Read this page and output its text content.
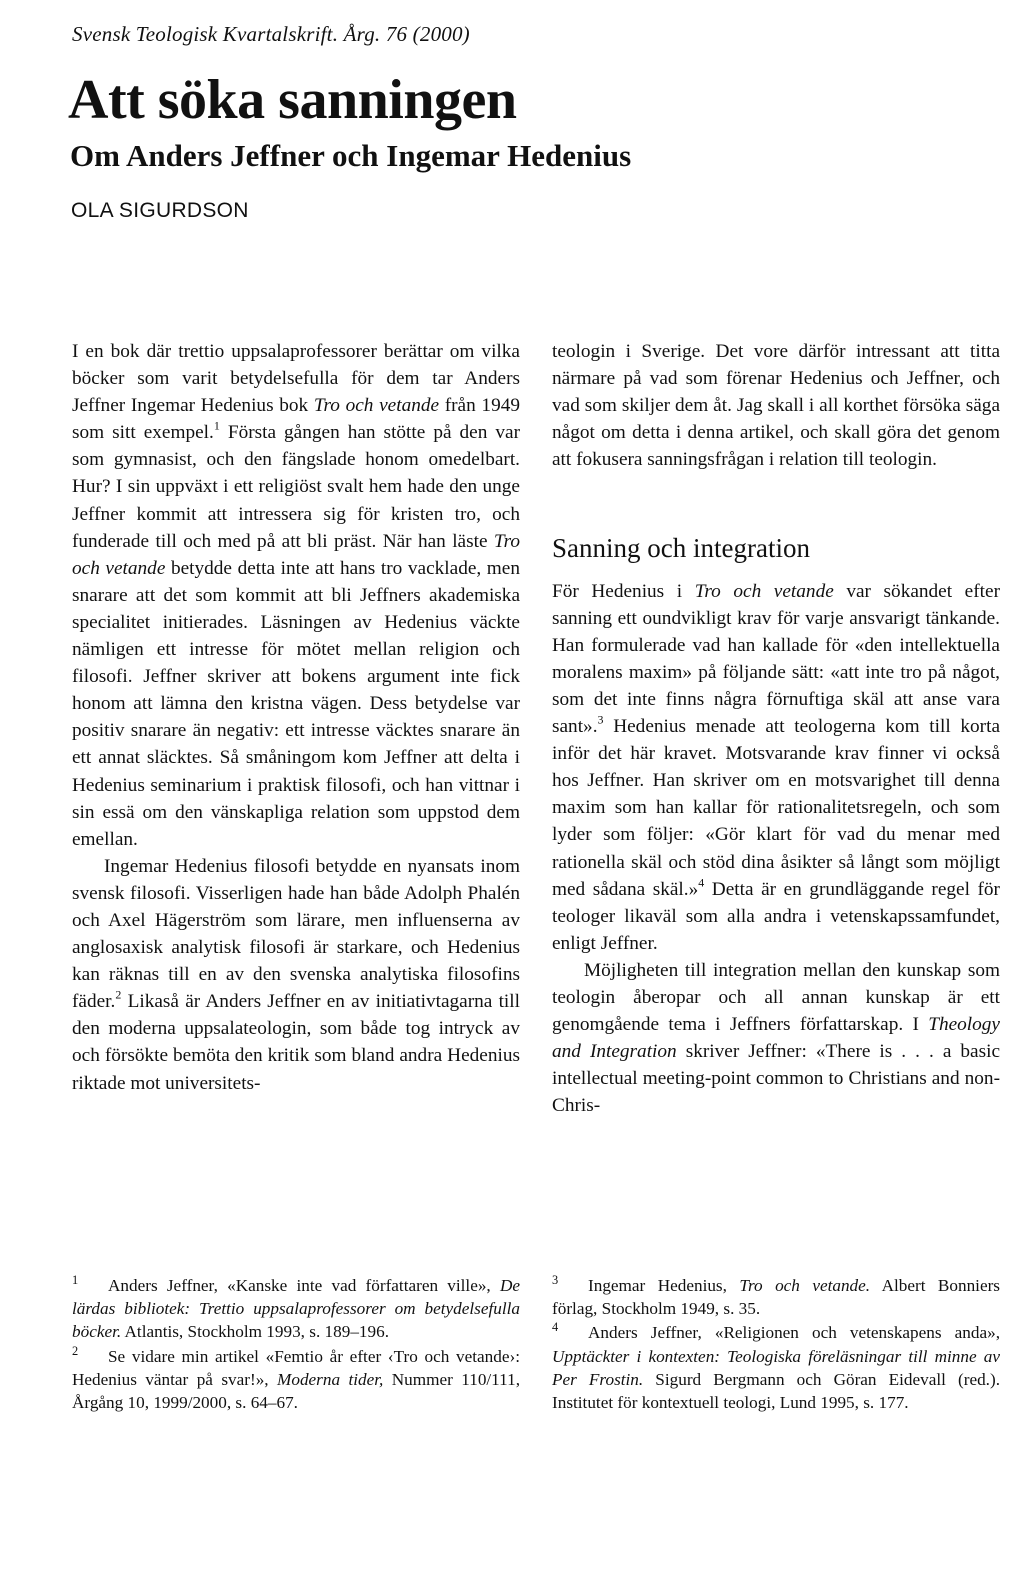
Svensk Teologisk Kvartalskrift. Årg. 76 (2000)
Att söka sanningen
Om Anders Jeffner och Ingemar Hedenius
OLA SIGURDSON

I en bok där trettio uppsalaprofessorer berättar om vilka böcker som varit betydelsefulla för dem tar Anders Jeffner Ingemar Hedenius bok Tro och vetande från 1949 som sitt exempel.$^1$ Första gången han stötte på den var som gymnasist, och den fängslade honom omedelbart. Hur? I sin uppväxt i ett religiöst svalt hem hade den unge Jeffner kommit att intressera sig för kristen tro, och funderade till och med på att bli präst. När han läste Tro och vetande betydde detta inte att hans tro vacklade, men snarare att det som kommit att bli Jeffners akademiska specialitet initierades. Läsningen av Hedenius väckte nämligen ett intresse för mötet mellan religion och filosofi. Jeffner skriver att bokens argument inte fick honom att lämna den kristna vägen. Dess betydelse var positiv snarare än negativ: ett intresse väcktes snarare än ett annat släcktes. Så småningom kom Jeffner att delta i Hedenius seminarium i praktisk filosofi, och han vittnar i sin essä om den vänskapliga relation som uppstod dem emellan.

Ingemar Hedenius filosofi betydde en nyansats inom svensk filosofi. Visserligen hade han både Adolph Phalén och Axel Hägerström som lärare, men influenserna av anglosaxisk analytisk filosofi är starkare, och Hedenius kan räknas till en av den svenska analytiska filosofins fäder.$^2$ Likaså är Anders Jeffner en av initiativtagarna till den moderna uppsalateologin, som både tog intryck av och försökte bemöta den kritik som bland andra Hedenius riktade mot universitets-

teologin i Sverige. Det vore därför intressant att titta närmare på vad som förenar Hedenius och Jeffner, och vad som skiljer dem åt. Jag skall i all korthet försöka säga något om detta i denna artikel, och skall göra det genom att fokusera sanningsfrågan i relation till teologin.

Sanning och integration

För Hedenius i Tro och vetande var sökandet efter sanning ett oundvikligt krav för varje ansvarigt tänkande. Han formulerade vad han kallade för «den intellektuella moralens maxim» på följande sätt: «att inte tro på något, som det inte finns några förnuftiga skäl att anse vara sant».$^3$ Hedenius menade att teologerna kom till korta inför det här kravet. Motsvarande krav finner vi också hos Jeffner. Han skriver om en motsvarighet till denna maxim som han kallar för rationalitetsregeln, och som lyder som följer: «Gör klart för vad du menar med rationella skäl och stöd dina åsikter så långt som möjligt med sådana skäl.»$^4$ Detta är en grundläggande regel för teologer likaväl som alla andra i vetenskapssamfundet, enligt Jeffner.

Möjligheten till integration mellan den kunskap som teologin åberopar och all annan kunskap är ett genomgående tema i Jeffners författarskap. I Theology and Integration skriver Jeffner: «There is . . . a basic intellectual meeting-point common to Christians and non-Chris-

$^1$ Anders Jeffner, «Kanske inte vad författaren ville», De lärdas bibliotek: Trettio uppsalaprofessorer om betydelsefulla böcker. Atlantis, Stockholm 1993, s. 189–196.

$^2$ Se vidare min artikel «Femtio år efter ‹Tro och vetande›: Hedenius väntar på svar!», Moderna tider, Nummer 110/111, Årgång 10, 1999/2000, s. 64–67.

$^3$ Ingemar Hedenius, Tro och vetande. Albert Bonniers förlag, Stockholm 1949, s. 35.

$^4$ Anders Jeffner, «Religionen och vetenskapens anda», Upptäckter i kontexten: Teologiska föreläsningar till minne av Per Frostin. Sigurd Bergmann och Göran Eidevall (red.). Institutet för kontextuell teologi, Lund 1995, s. 177.
